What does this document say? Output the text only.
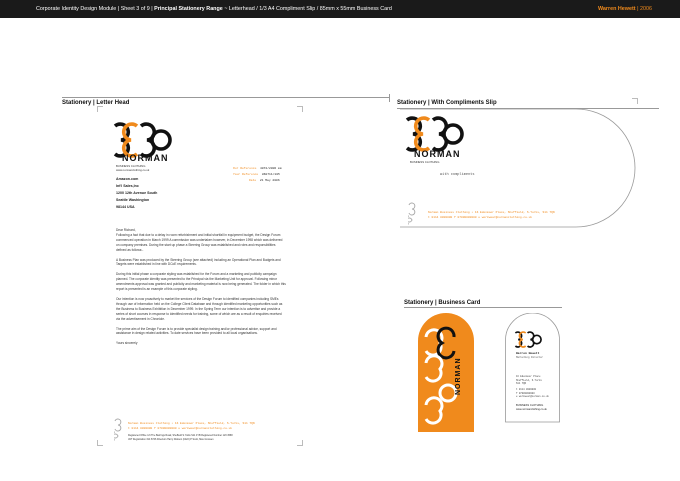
Corporate Identity Design Module | Sheet 3 of 9 | Principal Stationery Range ~ Letterhead / 1/3 A4 Compliment Slip / 85mm x 55mm Business Card	Warren Hewett | 2006
Stationery | Letter Head	Stationery | With Compliments Slip
Stationery | Business Card
NORMAN
BUSINESS CLOTHING
www.normanclothing.co.uk	Our Reference 4072/2006 mm
Your Reference 860711/105
Date 21 May 2006
Amazon.com
Int'l Sales,Inc
1200 12th Avenue South
Seattle Washington
98144 USA
Dear Richard,
Following a fact that due to a delay in room refurbishment and initial shortfall in equipment budget, the Design Forum commenced operation in March 1999 A commission was undertaken however, in December 1998 which was delivered on company premises. During the start up phase a Steering Group was established and roles and responsibilities defined as follows:-
A Business Plan was produced by the Steering Group (see attached) including an Operational Plan and Budgets and Targets were established in line with DCoE requirements.
During this initial phase a corporate styling was established for the Forum and a marketing and publicity campaign planned. The corporate identity was presented to the Principal via the Marketing Unit for approval. Following minor amendments approval was granted and publicity and marketing material is now being generated. The folder in which this report is presented is an example of this corporate styling.
Our intention is now proactively to market the services of the Design Forum to identified companies including SMEs through use of information held on the College Client Database and through identified marketing opportunities such as the Business to Business Exhibition in December 1999. In the Spring Term our intention is to advertise and provide a series of short courses in response to identified needs for training, some of which are as a result of enquiries received via the advertisement in Chronicle.
The prime aim of the Design Forum is to provide specialist design training and/or professional advice, support and assistance in design related activities. To date services have been provided to all local organisations.
Yours sincerely
Norman Business Clothing • 16 Edenmoor Place, Sheffield, S.Yorks, S11 7QN
t 0114 0000000 f 07000000000 e workwear@normanclothing.co.uk
Registered Office 4-6 The Barrings Road, Sheffield S.Yorks S11 4YB Registered Number 123 4568
VAT Registration 314 8746 Directors Harry Dickson (CEO) P Scott, Max Grossen
NORMAN
BUSINESS CLOTHING
with compliments
Norman Business Clothing • 16 Edenmoor Place, Sheffield, S.Yorks, S11 7QN
t 0114 0000000 f 07000000000 e workwear@normanclothing.co.uk
NORMAN
Warren Hewett
Marketing Director
16 Edenmoor Place
Sheffield, S.Yorks
S11 7QN
t 0114 0000000
f 07000000000
e workwear@norman.co.uk
BUSINESS CLOTHING
www.normanclothing.co.uk
